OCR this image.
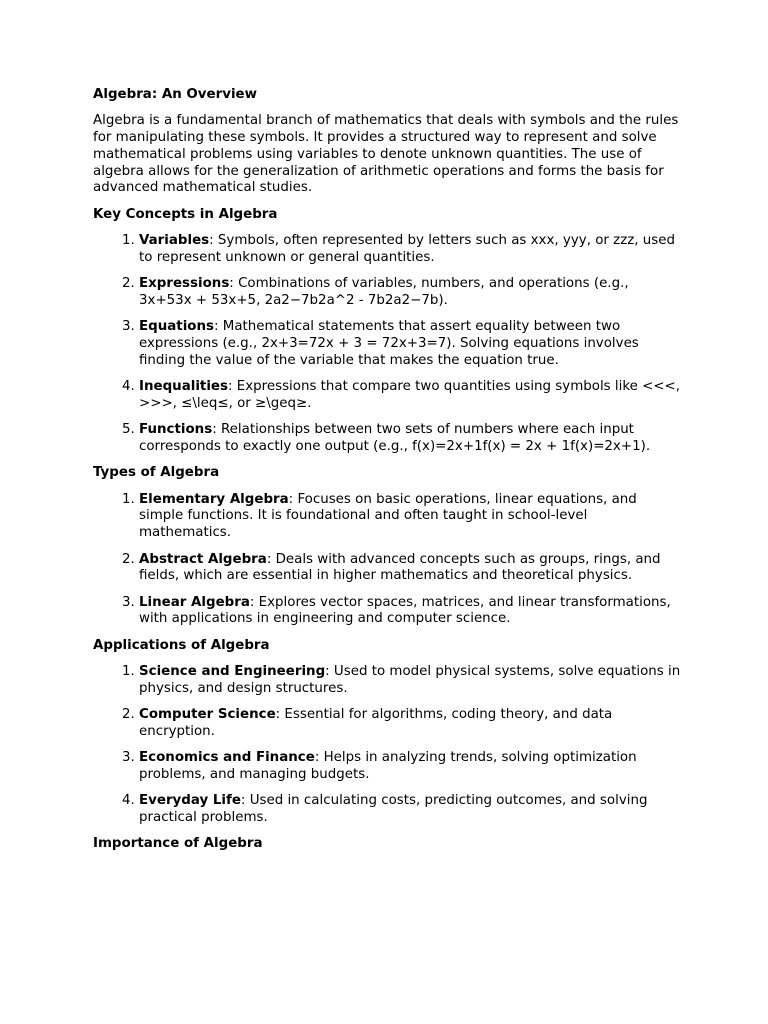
Algebra: An Overview

Algebra is a fundamental branch of mathematics that deals with symbols and the rules for manipulating these symbols. It provides a structured way to represent and solve mathematical problems using variables to denote unknown quantities. The use of algebra allows for the generalization of arithmetic operations and forms the basis for advanced mathematical studies.

Key Concepts in Algebra
1. Variables: Symbols, often represented by letters such as xxx, yyy, or zzz, used to represent unknown or general quantities.
2. Expressions: Combinations of variables, numbers, and operations (e.g., 3x+53x + 53x+5, 2a2−7b2a^2 - 7b2a2−7b).
3. Equations: Mathematical statements that assert equality between two expressions (e.g., 2x+3=72x + 3 = 72x+3=7). Solving equations involves finding the value of the variable that makes the equation true.
4. Inequalities: Expressions that compare two quantities using symbols like <<<, >>>, ≤\leq≤, or ≥\geq≥.
5. Functions: Relationships between two sets of numbers where each input corresponds to exactly one output (e.g., f(x)=2x+1f(x) = 2x + 1f(x)=2x+1).
Types of Algebra
1. Elementary Algebra: Focuses on basic operations, linear equations, and simple functions. It is foundational and often taught in school-level mathematics.
2. Abstract Algebra: Deals with advanced concepts such as groups, rings, and fields, which are essential in higher mathematics and theoretical physics.
3. Linear Algebra: Explores vector spaces, matrices, and linear transformations, with applications in engineering and computer science.
Applications of Algebra
1. Science and Engineering: Used to model physical systems, solve equations in physics, and design structures.
2. Computer Science: Essential for algorithms, coding theory, and data encryption.
3. Economics and Finance: Helps in analyzing trends, solving optimization problems, and managing budgets.
4. Everyday Life: Used in calculating costs, predicting outcomes, and solving practical problems.
Importance of Algebra
